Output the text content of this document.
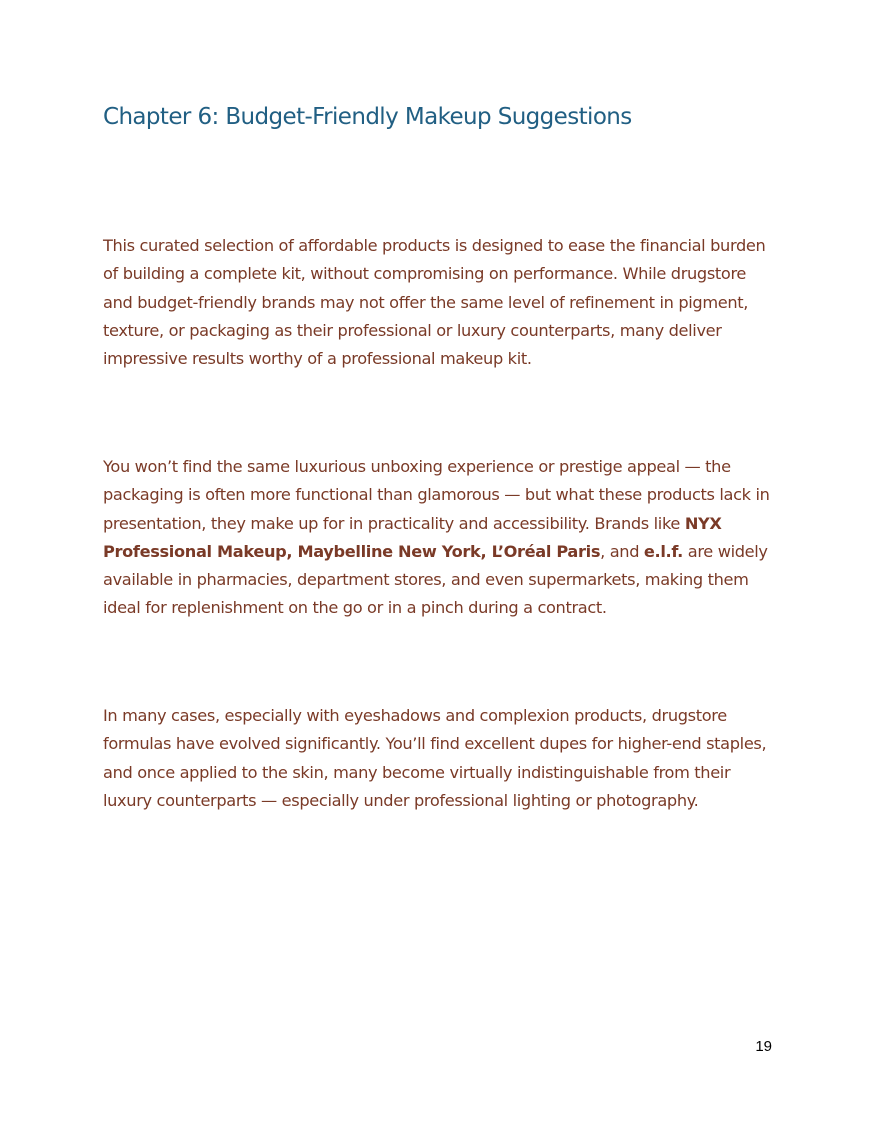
Chapter 6: Budget-Friendly Makeup Suggestions

This curated selection of affordable products is designed to ease the financial burden of building a complete kit, without compromising on performance. While drugstore and budget-friendly brands may not offer the same level of refinement in pigment, texture, or packaging as their professional or luxury counterparts, many deliver impressive results worthy of a professional makeup kit.

You won’t find the same luxurious unboxing experience or prestige appeal — the packaging is often more functional than glamorous — but what these products lack in presentation, they make up for in practicality and accessibility. Brands like NYX Professional Makeup, Maybelline New York, L’Oréal Paris, and e.l.f. are widely available in pharmacies, department stores, and even supermarkets, making them ideal for replenishment on the go or in a pinch during a contract.

In many cases, especially with eyeshadows and complexion products, drugstore formulas have evolved significantly. You’ll find excellent dupes for higher-end staples, and once applied to the skin, many become virtually indistinguishable from their luxury counterparts — especially under professional lighting or photography.

19
